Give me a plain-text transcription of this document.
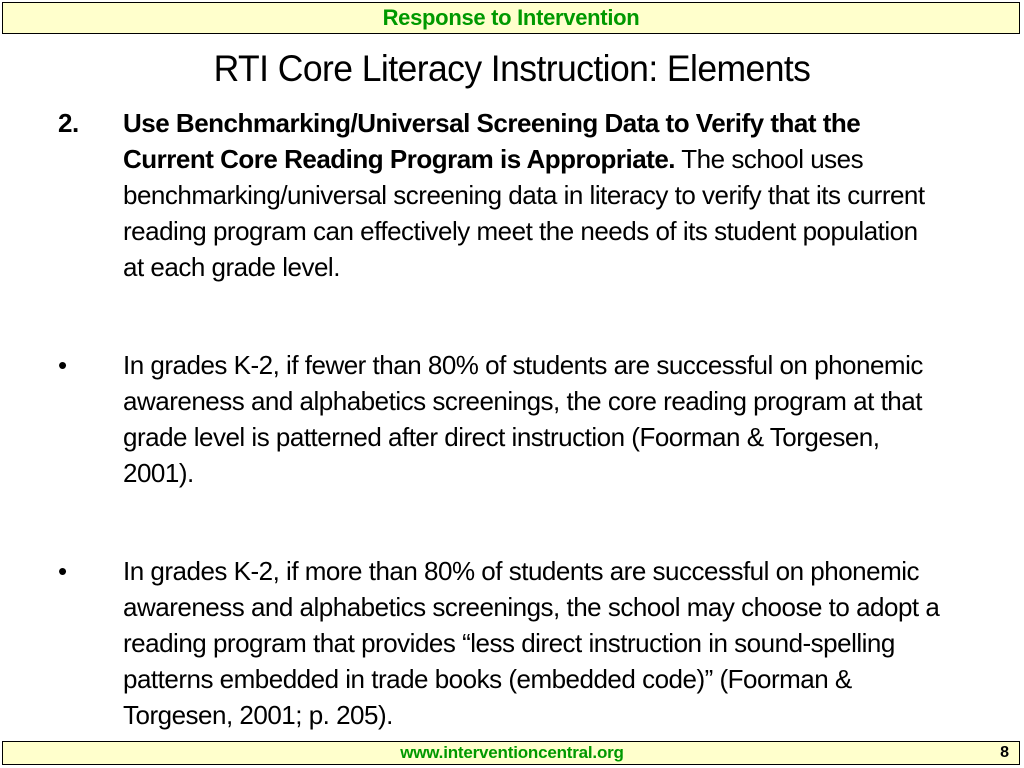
Response to Intervention
RTI Core Literacy Instruction: Elements
2. Use Benchmarking/Universal Screening Data to Verify that the Current Core Reading Program is Appropriate. The school uses benchmarking/universal screening data in literacy to verify that its current reading program can effectively meet the needs of its student population at each grade level.
• In grades K-2, if fewer than 80% of students are successful on phonemic awareness and alphabetics screenings, the core reading program at that grade level is patterned after direct instruction (Foorman & Torgesen, 2001).
• In grades K-2, if more than 80% of students are successful on phonemic awareness and alphabetics screenings, the school may choose to adopt a reading program that provides “less direct instruction in sound-spelling patterns embedded in trade books (embedded code)” (Foorman & Torgesen, 2001; p. 205).
www.interventioncentral.org	8
